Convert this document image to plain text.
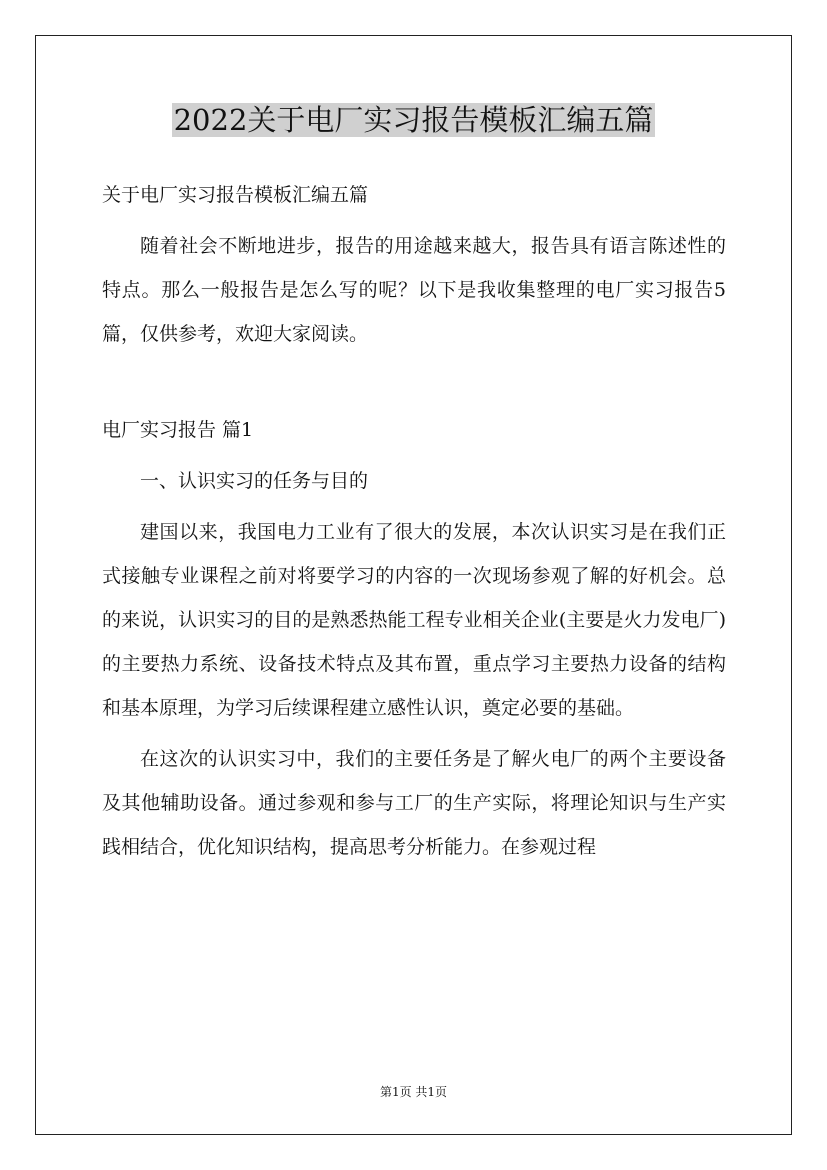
2022关于电厂实习报告模板汇编五篇

关于电厂实习报告模板汇编五篇

随着社会不断地进步，报告的用途越来越大，报告具有语言陈述性的特点。那么一般报告是怎么写的呢？以下是我收集整理的电厂实习报告5篇，仅供参考，欢迎大家阅读。

电厂实习报告 篇1

一、认识实习的任务与目的

建国以来，我国电力工业有了很大的发展，本次认识实习是在我们正式接触专业课程之前对将要学习的内容的一次现场参观了解的好机会。总的来说，认识实习的目的是熟悉热能工程专业相关企业(主要是火力发电厂)的主要热力系统、设备技术特点及其布置，重点学习主要热力设备的结构和基本原理，为学习后续课程建立感性认识，奠定必要的基础。

在这次的认识实习中，我们的主要任务是了解火电厂的两个主要设备及其他辅助设备。通过参观和参与工厂的生产实际，将理论知识与生产实践相结合，优化知识结构，提高思考分析能力。在参观过程

第1页 共1页
